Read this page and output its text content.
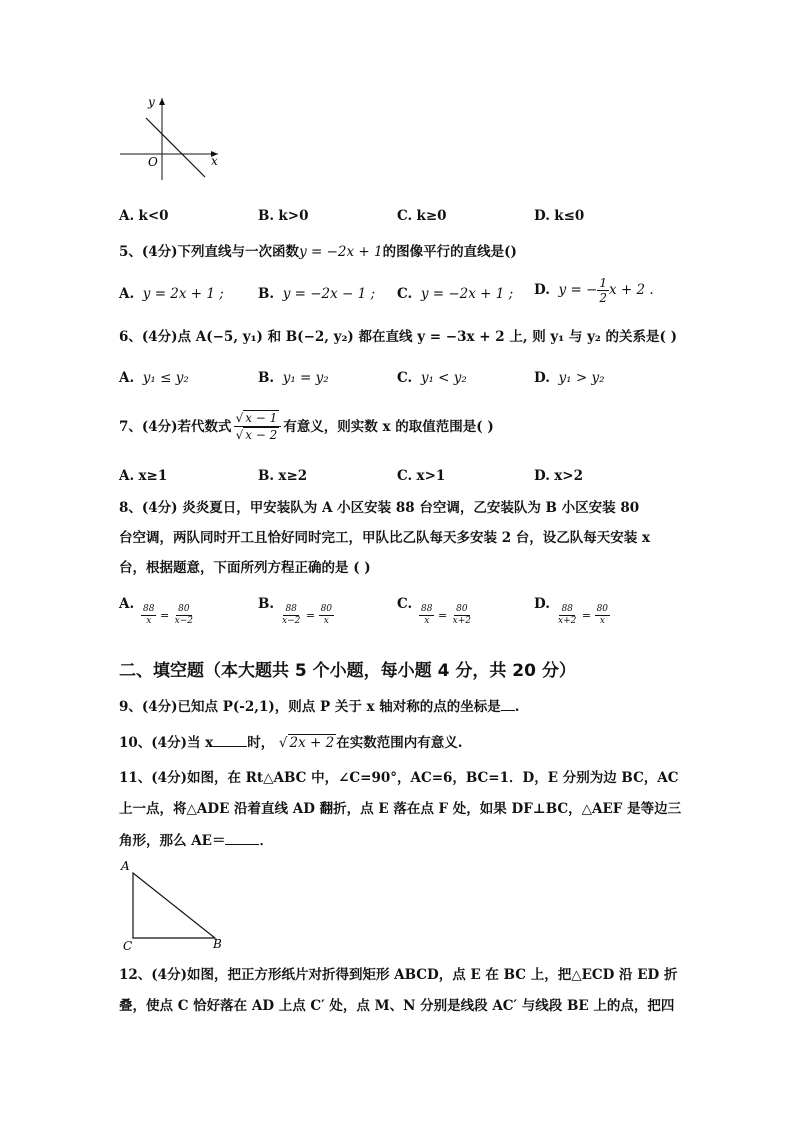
y
x
O
A. k<0	B. k>0	C. k≥0	D. k≤0
5、(4分)下列直线与一次函数y = −2x + 1的图像平行的直线是()
A. y = 2x + 1 ;	B. y = −2x − 1 ; C. y = −2x + 1 ; D. y = − $\frac{1}{2}$ x + 2 .
6、(4分)点 A(−5, y₁) 和 B(−2, y₂) 都在直线 y = −3x + 2 上, 则 y₁ 与 y₂ 的关系是( )
A. y₁ ≤ y₂	B. y₁ = y₂	C. y₁ < y₂	D. y₁ > y₂
7、(4分)若代数式 $\frac{√ x - 1}{√ x - 2}$ 有意义，则实数 x 的取值范围是( )
A. x≥1	B. x≥2	C. x>1	D. x>2
8、(4分) 炎炎夏日，甲安装队为 A 小区安装 88 台空调，乙安装队为 B 小区安装 80
台空调，两队同时开工且恰好同时完工，甲队比乙队每天多安装 2 台，设乙队每天安装 x
台，根据题意，下面所列方程正确的是 ( )
A. $\frac{88}{x} = \frac{80}{x-2}$	B. $\frac{88}{x-2} = \frac{80}{x}$	C. $\frac{88}{x} = \frac{80}{x+2}$	D. $\frac{88}{x+2} = \frac{80}{x}$
二、填空题（本大题共 5 个小题，每小题 4 分，共 20 分）
9、(4分)已知点 P(-2,1)，则点 P 关于 x 轴对称的点的坐标是 .
10、(4分)当 x	时， √ 2x + 2 在实数范围内有意义.
11、(4分)如图，在 Rt△ABC 中，∠C=90°，AC=6，BC=1．D，E 分别为边 BC，AC
上一点，将△ADE 沿着直线 AD 翻折，点 E 落在点 F 处，如果 DF⊥BC，△AEF 是等边三
角形，那么 AE＝	．
A
C	B
12、(4分)如图，把正方形纸片对折得到矩形 ABCD，点 E 在 BC 上，把△ECD 沿 ED 折
叠，使点 C 恰好落在 AD 上点 C′ 处，点 M、N 分别是线段 AC′ 与线段 BE 上的点，把四
